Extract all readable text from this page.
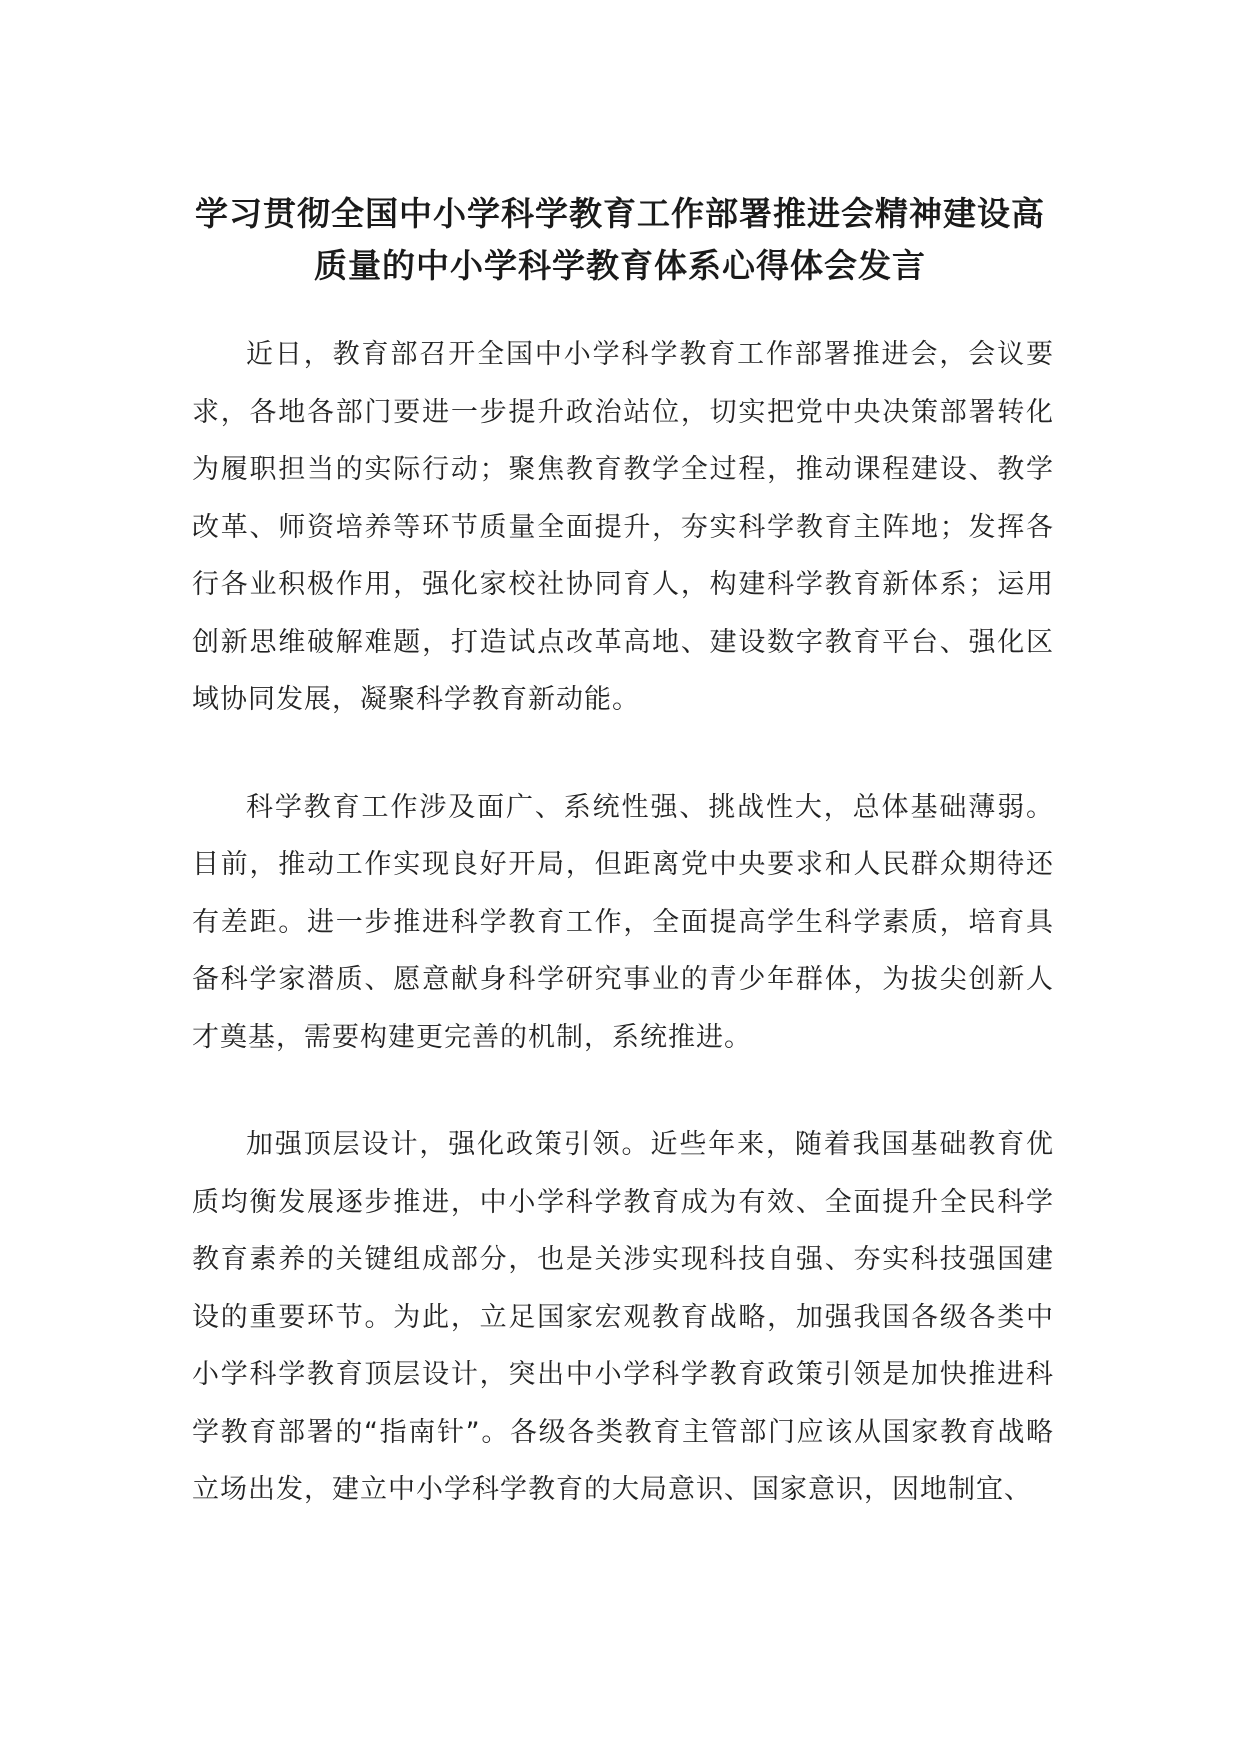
学习贯彻全国中小学科学教育工作部署推进会精神建设高
质量的中小学科学教育体系心得体会发言

近日，教育部召开全国中小学科学教育工作部署推进会，会议要求，各地各部门要进一步提升政治站位，切实把党中央决策部署转化为履职担当的实际行动；聚焦教育教学全过程，推动课程建设、教学改革、师资培养等环节质量全面提升，夯实科学教育主阵地；发挥各行各业积极作用，强化家校社协同育人，构建科学教育新体系；运用创新思维破解难题，打造试点改革高地、建设数字教育平台、强化区域协同发展，凝聚科学教育新动能。

科学教育工作涉及面广、系统性强、挑战性大，总体基础薄弱。目前，推动工作实现良好开局，但距离党中央要求和人民群众期待还有差距。进一步推进科学教育工作，全面提高学生科学素质，培育具备科学家潜质、愿意献身科学研究事业的青少年群体，为拔尖创新人才奠基，需要构建更完善的机制，系统推进。

加强顶层设计，强化政策引领。近些年来，随着我国基础教育优质均衡发展逐步推进，中小学科学教育成为有效、全面提升全民科学教育素养的关键组成部分，也是关涉实现科技自强、夯实科技强国建设的重要环节。为此，立足国家宏观教育战略，加强我国各级各类中小学科学教育顶层设计，突出中小学科学教育政策引领是加快推进科学教育部署的“指南针”。各级各类教育主管部门应该从国家教育战略立场出发，建立中小学科学教育的大局意识、国家意识，因地制宜、
